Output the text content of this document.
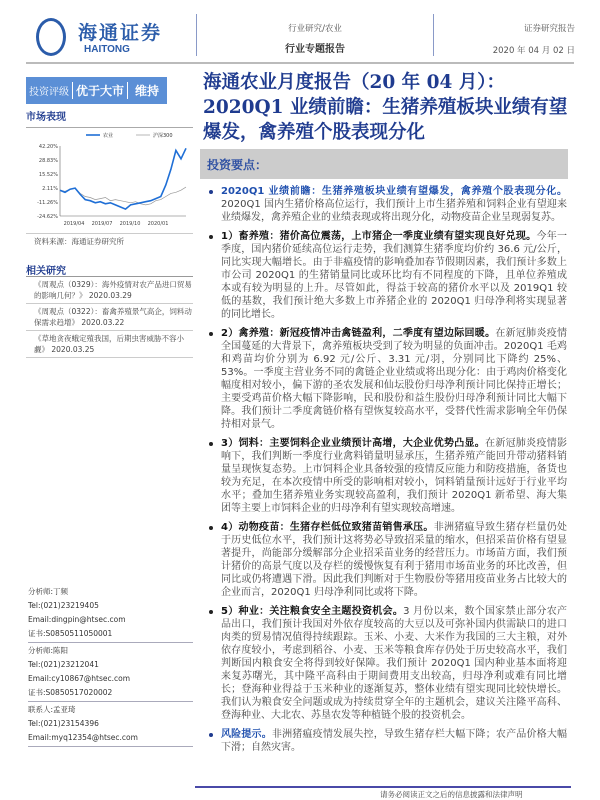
海通证券
HAITONG
行业研究/农业
行业专题报告
证券研究报告
2020 年 04 月 02 日
投资评级 优于大市 维持 海通农业月度报告（20 年 04 月）：2020Q1 业绩前瞻：生猪养殖板块业绩有望爆发，禽养殖个股表现分化
投资要点：
2020Q1 业绩前瞻：生猪养殖板块业绩有望爆发，禽养殖个股表现分化。2020Q1 国内生猪价格高位运行，我们预计上市生猪养殖和饲料企业有望迎来业绩爆发，禽养殖企业的业绩表现或将出现分化，动物疫苗企业呈现弱复苏。
1）畜养殖：猪价高位震荡，上市猪企一季度业绩有望实现良好兑现。今年一季度，国内猪价延续高位运行走势，我们测算生猪季度均价约 36.6 元/公斤，同比实现大幅增长。由于非瘟疫情的影响叠加春节假期因素，我们预计多数上市公司 2020Q1 的生猪销量同比或环比均有不同程度的下降，且单位养殖成本或有较为明显的上升。尽管如此，得益于较高的猪价水平以及 2019Q1 较低的基数，我们预计绝大多数上市养猪企业的 2020Q1 归母净利将实现显著的同比增长。
2）禽养殖：新冠疫情冲击禽链盈利，二季度有望边际回暖。在新冠肺炎疫情全国蔓延的大背景下，禽养殖板块受到了较为明显的负面冲击。2020Q1 毛鸡和鸡苗均价分别为 6.92 元/公斤、3.31 元/羽，分别同比下降约 25%、53%。一季度主营业务不同的禽链企业业绩或将出现分化：由于鸡肉价格变化幅度相对较小，偏下游的圣农发展和仙坛股份归母净利预计同比保持正增长；主要受鸡苗价格大幅下降影响，民和股份和益生股份归母净利预计同比大幅下降。我们预计二季度禽链价格有望恢复较高水平，受替代性需求影响全年仍保持相对景气。
3）饲料：主要饲料企业业绩预计高增，大企业优势凸显。在新冠肺炎疫情影响下，我们判断一季度行业禽料销量明显承压，生猪养殖产能回升带动猪料销量呈现恢复态势。上市饲料企业具备较强的疫情反应能力和防疫措施，备货也较为充足，在本次疫情中所受的影响相对较小，饲料销量预计远好于行业平均水平；叠加生猪养殖业务实现较高盈利，我们预计 2020Q1 新希望、海大集团等主要上市饲料企业的归母净利有望实现较高增速。
4）动物疫苗：生猪存栏低位致猪苗销售承压。非洲猪瘟导致生猪存栏量仍处于历史低位水平，我们预计这将势必导致招采量的缩水，但招采苗价格有望显著提升，尚能部分缓解部分企业招采苗业务的经营压力。市场苗方面，我们预计猪价的高景气度以及存栏的缓慢恢复有利于猪用市场苗业务的环比改善，但同比或仍将遭遇下滑。因此我们判断对于生物股份等猪用疫苗业务占比较大的企业而言，2020Q1 归母净利同比或将下降。
5）种业：关注粮食安全主题投资机会。3 月份以来，数个国家禁止部分农产品出口，我们预计我国对外依存度较高的大豆以及可弥补国内供需缺口的进口肉类的贸易情况值得持续跟踪。玉米、小麦、大米作为我国的三大主粮，对外依存度较小，考虑到稻谷、小麦、玉米等粮食库存仍处于历史较高水平，我们判断国内粮食安全将得到较好保障。我们预计 2020Q1 国内种业基本面将迎来复苏曙光，其中隆平高科由于期间费用支出较高，归母净利或难有同比增长；登海种业得益于玉米种业的逐渐复苏，整体业绩有望实现同比较快增长。我们认为粮食安全问题或成为持续贯穿全年的主题机会，建议关注隆平高科、登海种业、大北农、苏垦农发等种植链个股的投资机会。
风险提示。非洲猪瘟疫情发展失控，导致生猪存栏大幅下降；农产品价格大幅下滑；自然灾害。
市场表现
42.20%
28.83%
15.52%
2.11%
-11.26%
-24.62%
2019/04 2019/07 2019/10 2020/01
农业	沪深300
资料来源：海通证券研究所
相关研究
《周观点（0329）：海外疫情对农产品进口贸易的影响几何？》 2020.03.29
《周观点（0322）：畜禽养殖景气高企，饲料动保需求趋增》 2020.03.22
《草地贪夜蛾定殖我国，后期虫害威胁不容小觑》 2020.03.25
分析师:丁频
Tel:(021)23219405
Email:dingpin@htsec.com
证书:S0850511050001
分析师:陈阳
Tel:(021)23212041
Email:cy10867@htsec.com
证书:S0850517020002
联系人:孟亚琦
Tel:(021)23154396
Email:myq12354@htsec.com
请务必阅读正文之后的信息披露和法律声明
